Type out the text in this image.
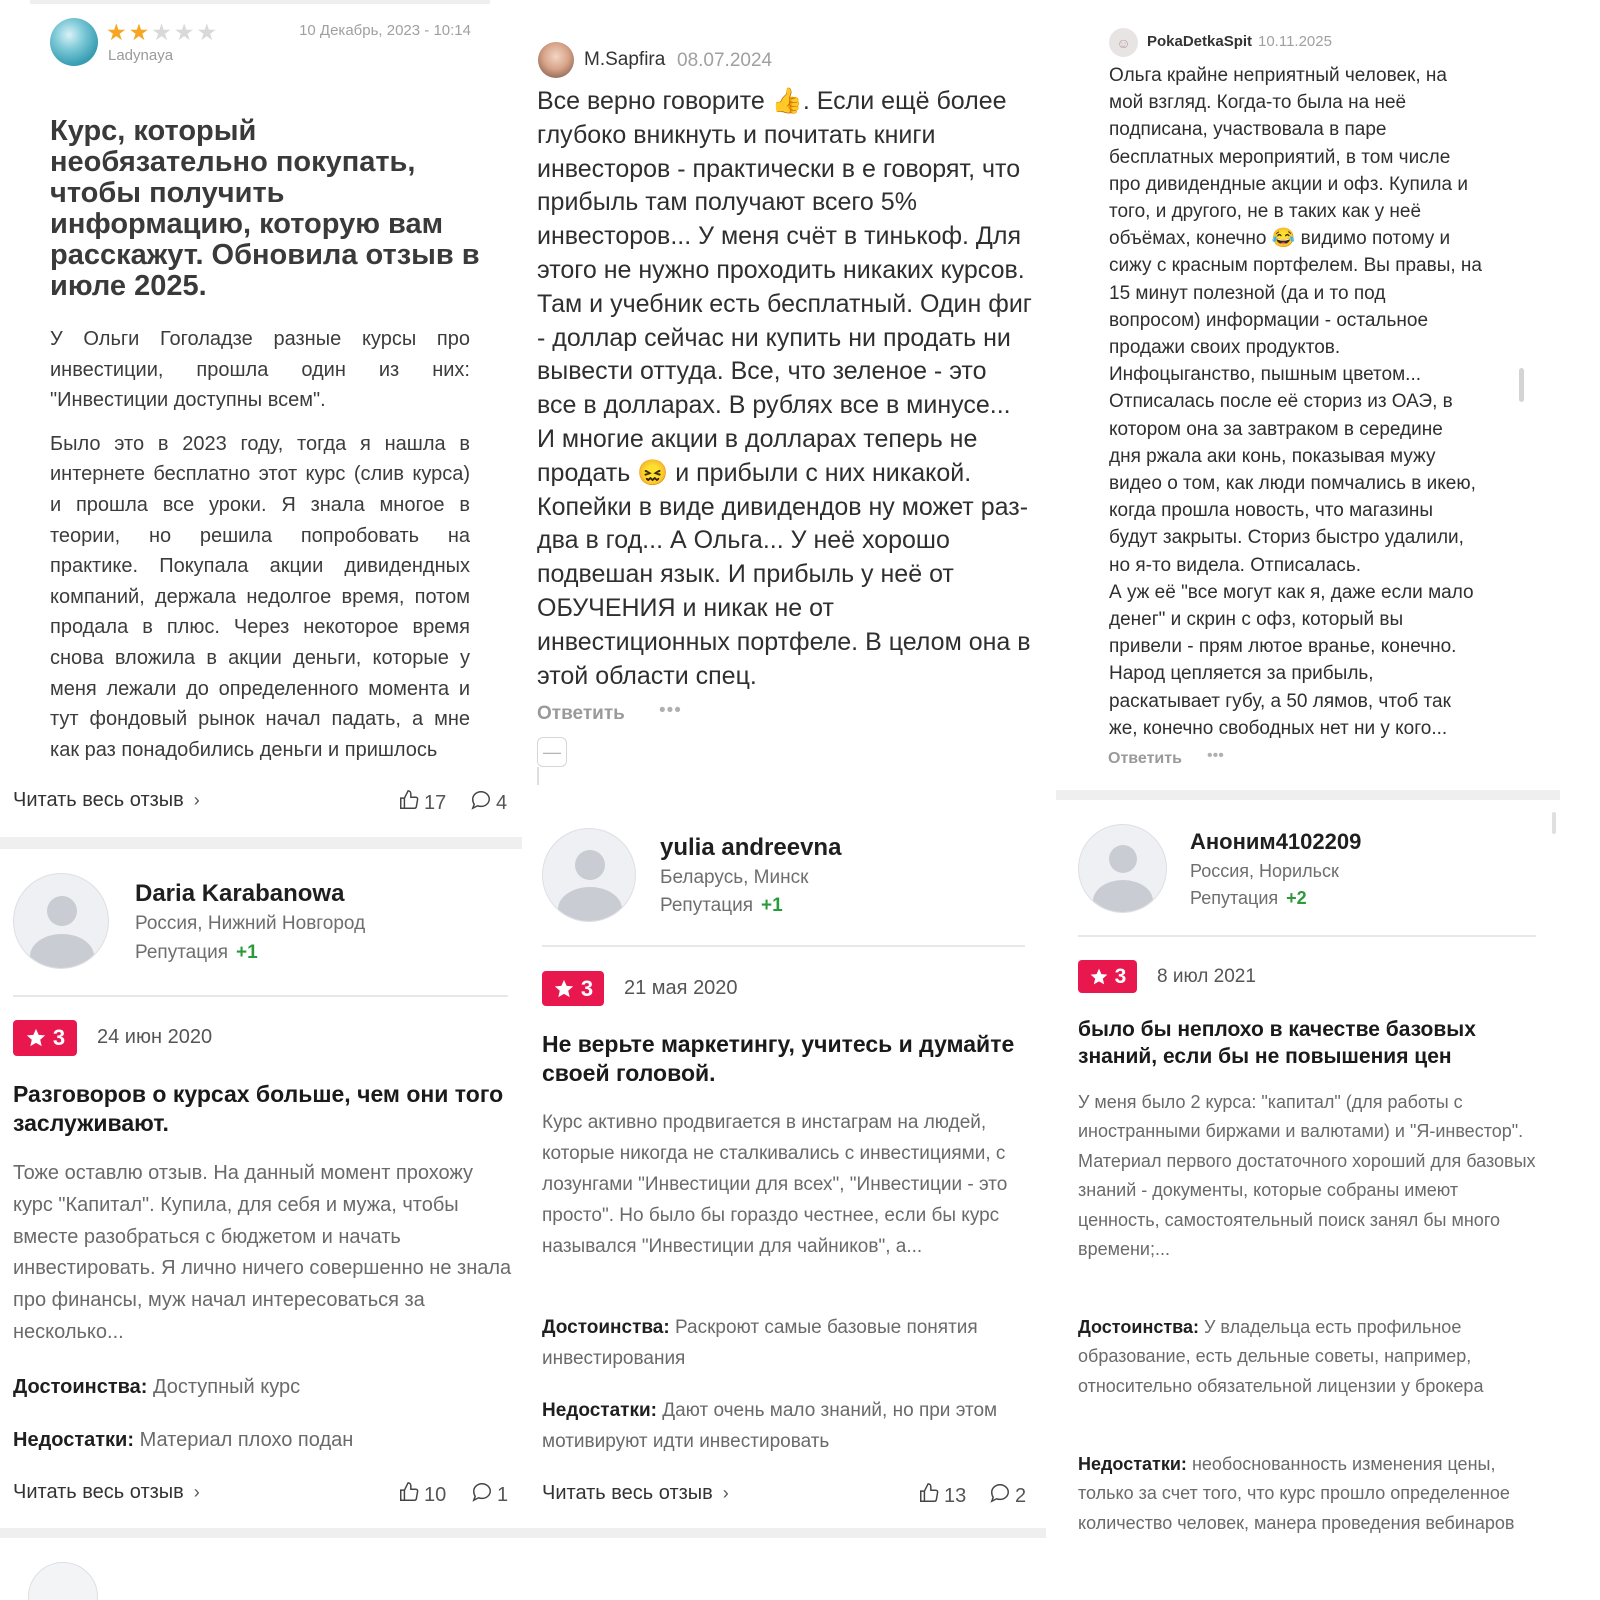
★ ★ ★ ★ ★
Ladynaya
10 Декабрь, 2023 - 10:14
Курс, который необязательно покупать, чтобы получить информацию, которую вам расскажут. Обновила отзыв в июле 2025.

У Ольги Гоголадзе разные курсы про инвестиции, прошла один из них: "Инвестиции доступны всем".

Было это в 2023 году, тогда я нашла в интернете бесплатно этот курс (слив курса) и прошла все уроки. Я знала многое в теории, но решила попробовать на практике. Покупала акции дивидендных компаний, держала недолгое время, потом продала в плюс. Через некоторое время снова вложила в акции деньги, которые у меня лежали до определенного момента и тут фондовый рынок начал падать, а мне как раз понадобились деньги и пришлось

Читать весь отзыв ›	17 4
M.Sapfira 08.07.2024
Все верно говорите 👍. Если ещё более глубоко вникнуть и почитать книги инвесторов - практически в е говорят, что прибыль там получают всего 5% инвесторов... У меня счёт в тинькоф. Для этого не нужно проходить никаких курсов. Там и учебник есть бесплатный. Один фиг - доллар сейчас ни купить ни продать ни вывести оттуда. Все, что зеленое - это все в долларах. В рублях все в минусе... И многие акции в долларах теперь не продать 😖 и прибыли с них никакой. Копейки в виде дивидендов ну может раз-два в год... А Ольга... У неё хорошо подвешан язык. И прибыль у неё от ОБУЧЕНИЯ и никак не от инвестиционных портфеле. В целом она в этой области спец.
Ответить •••
—
☺	PokaDetkaSpit 10.11.2025
Ольга крайне неприятный человек, на
мой взгляд. Когда-то была на неё
подписана, участвовала в паре
бесплатных мероприятий, в том числе
про дивидендные акции и офз. Купила и
того, и другого, не в таких как у неё
объёмах, конечно 😂 видимо потому и
сижу с красным портфелем. Вы правы, на
15 минут полезной (да и то под
вопросом) информации - остальное
продажи своих продуктов.
Инфоцыганство, пышным цветом...
Отписалась после её сториз из ОАЭ, в
котором она за завтраком в середине
дня ржала аки конь, показывая мужу
видео о том, как люди помчались в икею,
когда прошла новость, что магазины
будут закрыты. Сториз быстро удалили,
но я-то видела. Отписалась.
А уж её "все могут как я, даже если мало
денег" и скрин с офз, который вы
привели - прям лютое вранье, конечно.
Народ цепляется за прибыль,
раскатывает губу, а 50 лямов, чтоб так
же, конечно свободных нет ни у кого...
Ответить •••
Daria Karabanowa
Россия, Нижний Новгород
Репутация +1
3 24 июн 2020
Разговоров о курсах больше, чем они того заслуживают.
Тоже оставлю отзыв. На данный момент прохожу курс "Капитал". Купила, для себя и мужа, чтобы вместе разобраться с бюджетом и начать инвестировать. Я лично ничего совершенно не знала про финансы, муж начал интересоваться за несколько...
Достоинства: Доступный курс
Недостатки: Материал плохо подан
Читать весь отзыв ›	10	1
yulia andreevna
Беларусь, Минск
Репутация +1
3 21 мая 2020
Не верьте маркетингу, учитесь и думайте своей головой.
Курс активно продвигается в инстаграм на людей, которые никогда не сталкивались с инвестициями, с лозунгами "Инвестиции для всех", "Инвестиции - это просто". Но было бы гораздо честнее, если бы курс назывался "Инвестиции для чайников", а...
Достоинства: Раскроют самые базовые понятия инвестирования
Недостатки: Дают очень мало знаний, но при этом мотивируют идти инвестировать
Читать весь отзыв ›	13 2
Аноним4102209
Россия, Норильск
Репутация +2
3 8 июл 2021
было бы неплохо в качестве базовых знаний, если бы не повышения цен
У меня было 2 курса: "капитал" (для работы с иностранными биржами и валютами) и "Я-инвестор". Материал первого достаточного хороший для базовых знаний - документы, которые собраны имеют ценность, самостоятельный поиск занял бы много времени;...
Достоинства: У владельца есть профильное образование, есть дельные советы, например, относительно обязательной лицензии у брокера
Недостатки: необоснованность изменения цены, только за счет того, что курс прошло определенное количество человек, манера проведения вебинаров
